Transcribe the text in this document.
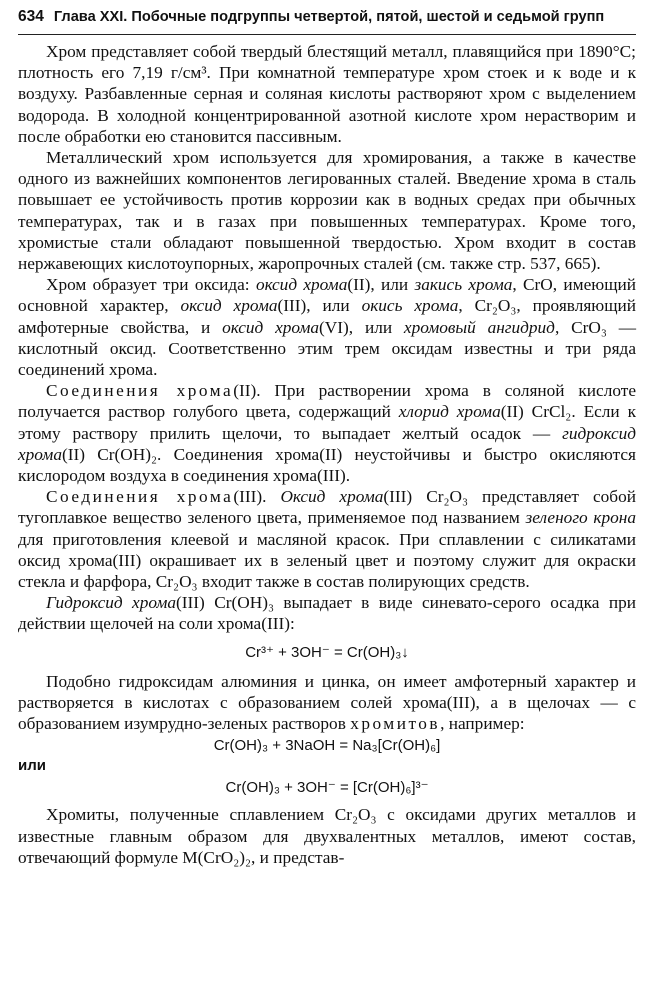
634 Глава XXI. Побочные подгруппы четвертой, пятой, шестой и седьмой групп

Хром представляет собой твердый блестящий металл, плавящийся при 1890°С; плотность его 7,19 г/см³. При комнатной температуре хром стоек и к воде и к воздуху. Разбавленные серная и соляная кислоты растворяют хром с выделением водорода. В холодной концентрированной азотной кислоте хром нерастворим и после обработки ею становится пассивным.

Металлический хром используется для хромирования, а также в качестве одного из важнейших компонентов легированных сталей. Введение хрома в сталь повышает ее устойчивость против коррозии как в водных средах при обычных температурах, так и в газах при повышенных температурах. Кроме того, хромистые стали обладают повышенной твердостью. Хром входит в состав нержавеющих кислотоупорных, жаропрочных сталей (см. также стр. 537, 665).

Хром образует три оксида: оксид хрома(II), или закись хрома, CrO, имеющий основной характер, оксид хрома(III), или окись хрома, Cr₂O₃, проявляющий амфотерные свойства, и оксид хрома(VI), или хромовый ангидрид, CrO₃ — кислотный оксид. Соответственно этим трем оксидам известны и три ряда соединений хрома.

Соединения хрома(II). При растворении хрома в соляной кислоте получается раствор голубого цвета, содержащий хлорид хрома(II) CrCl₂. Если к этому раствору прилить щелочи, то выпадает желтый осадок — гидроксид хрома(II) Cr(OH)₂. Соединения хрома(II) неустойчивы и быстро окисляются кислородом воздуха в соединения хрома(III).

Соединения хрома(III). Оксид хрома(III) Cr₂O₃ представляет собой тугоплавкое вещество зеленого цвета, применяемое под названием зеленого крона для приготовления клеевой и масляной красок. При сплавлении с силикатами оксид хрома(III) окрашивает их в зеленый цвет и поэтому служит для окраски стекла и фарфора, Cr₂O₃ входит также в состав полирующих средств.

Гидроксид хрома(III) Cr(OH)₃ выпадает в виде синевато-серого осадка при действии щелочей на соли хрома(III):

Cr³⁺ + 3OH⁻ = Cr(OH)₃↓

Подобно гидроксидам алюминия и цинка, он имеет амфотерный характер и растворяется в кислотах с образованием солей хрома(III), а в щелочах — с образованием изумрудно-зеленых растворов хромитов, например:

Cr(OH)₃ + 3NaOH = Na₃[Cr(OH)₆]

или

Cr(OH)₃ + 3OH⁻ = [Cr(OH)₆]³⁻

Хромиты, полученные сплавлением Cr₂O₃ с оксидами других металлов и известные главным образом для двухвалентных металлов, имеют состав, отвечающий формуле M(CrO₂)₂, и представ-
